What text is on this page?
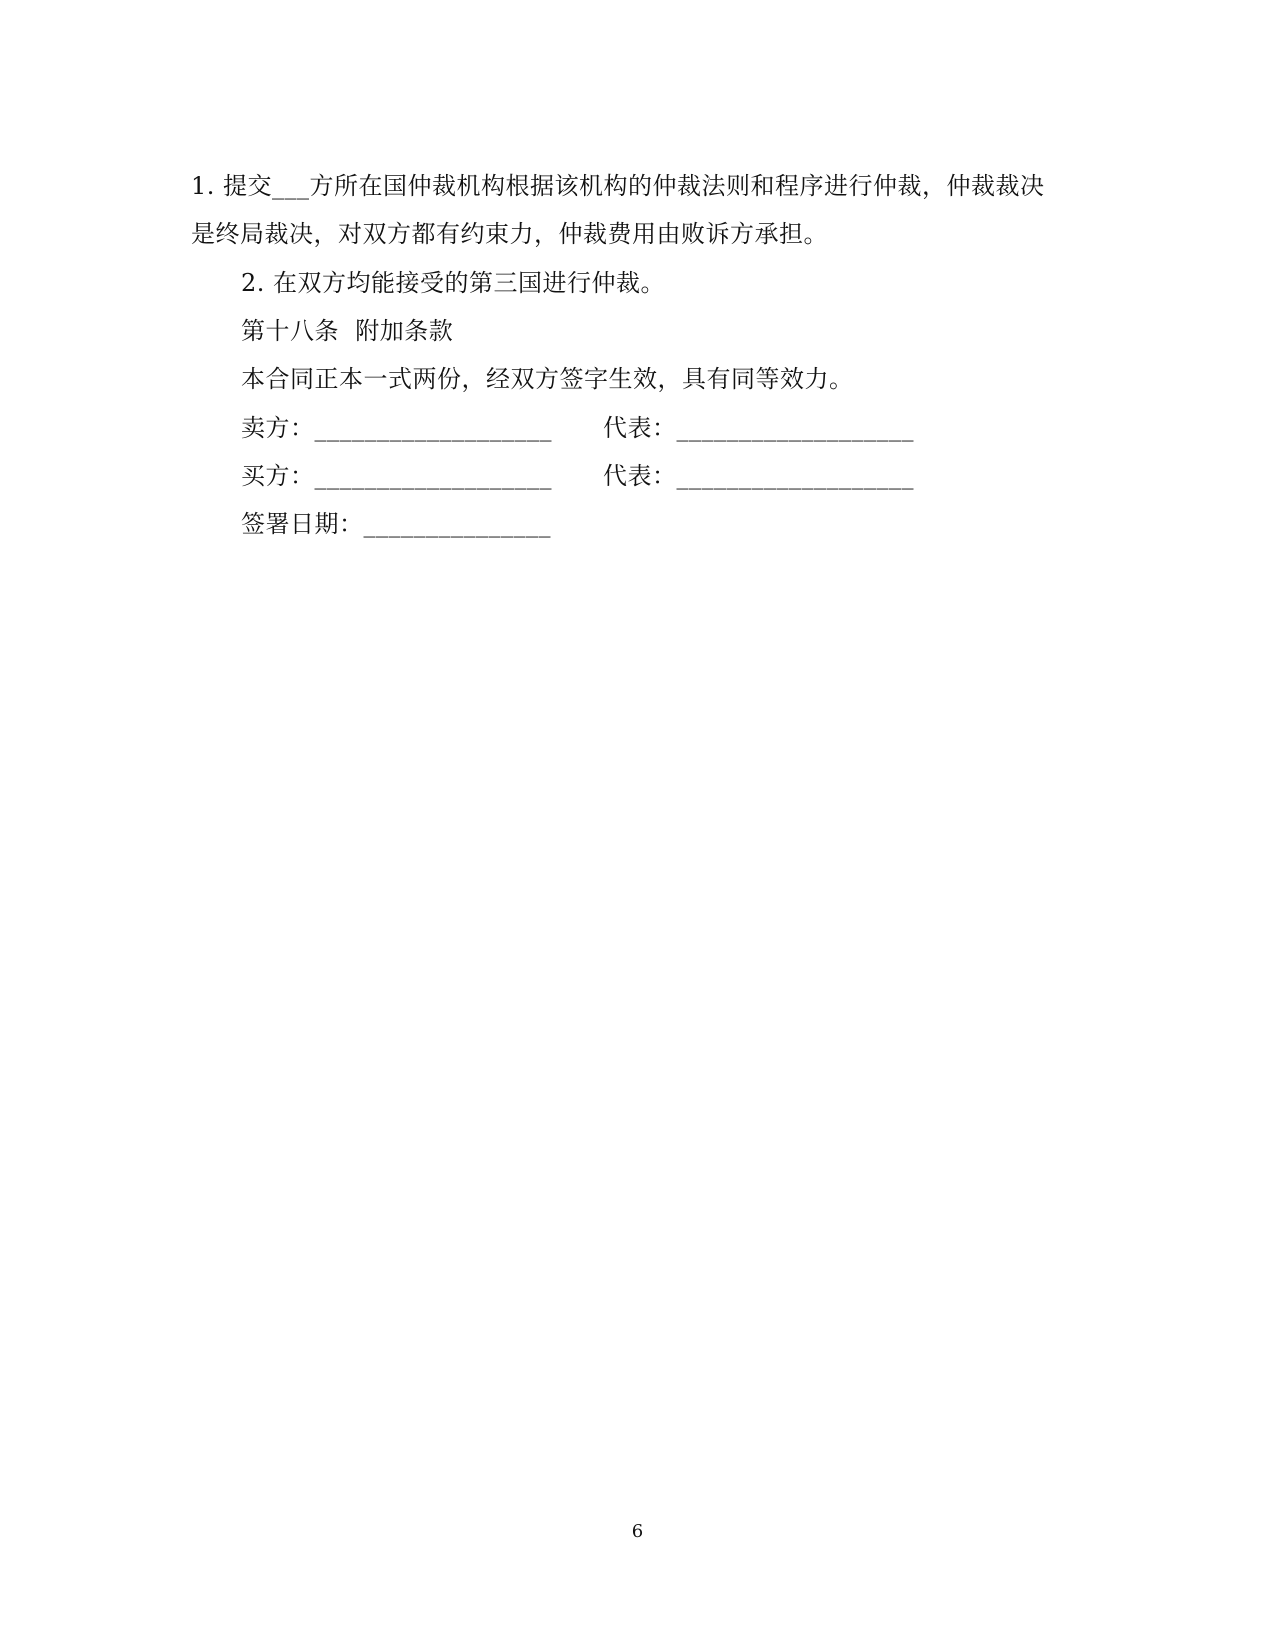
1. 提交___方所在国仲裁机构根据该机构的仲裁法则和程序进行仲裁，仲裁裁决
是终局裁决，对双方都有约束力，仲裁费用由败诉方承担。
2. 在双方均能接受的第三国进行仲裁。
第十八条  附加条款
本合同正本一式两份，经双方签字生效，具有同等效力。
卖方：___________________ 代表：___________________
买方：___________________ 代表：___________________
签署日期：_______________
6
